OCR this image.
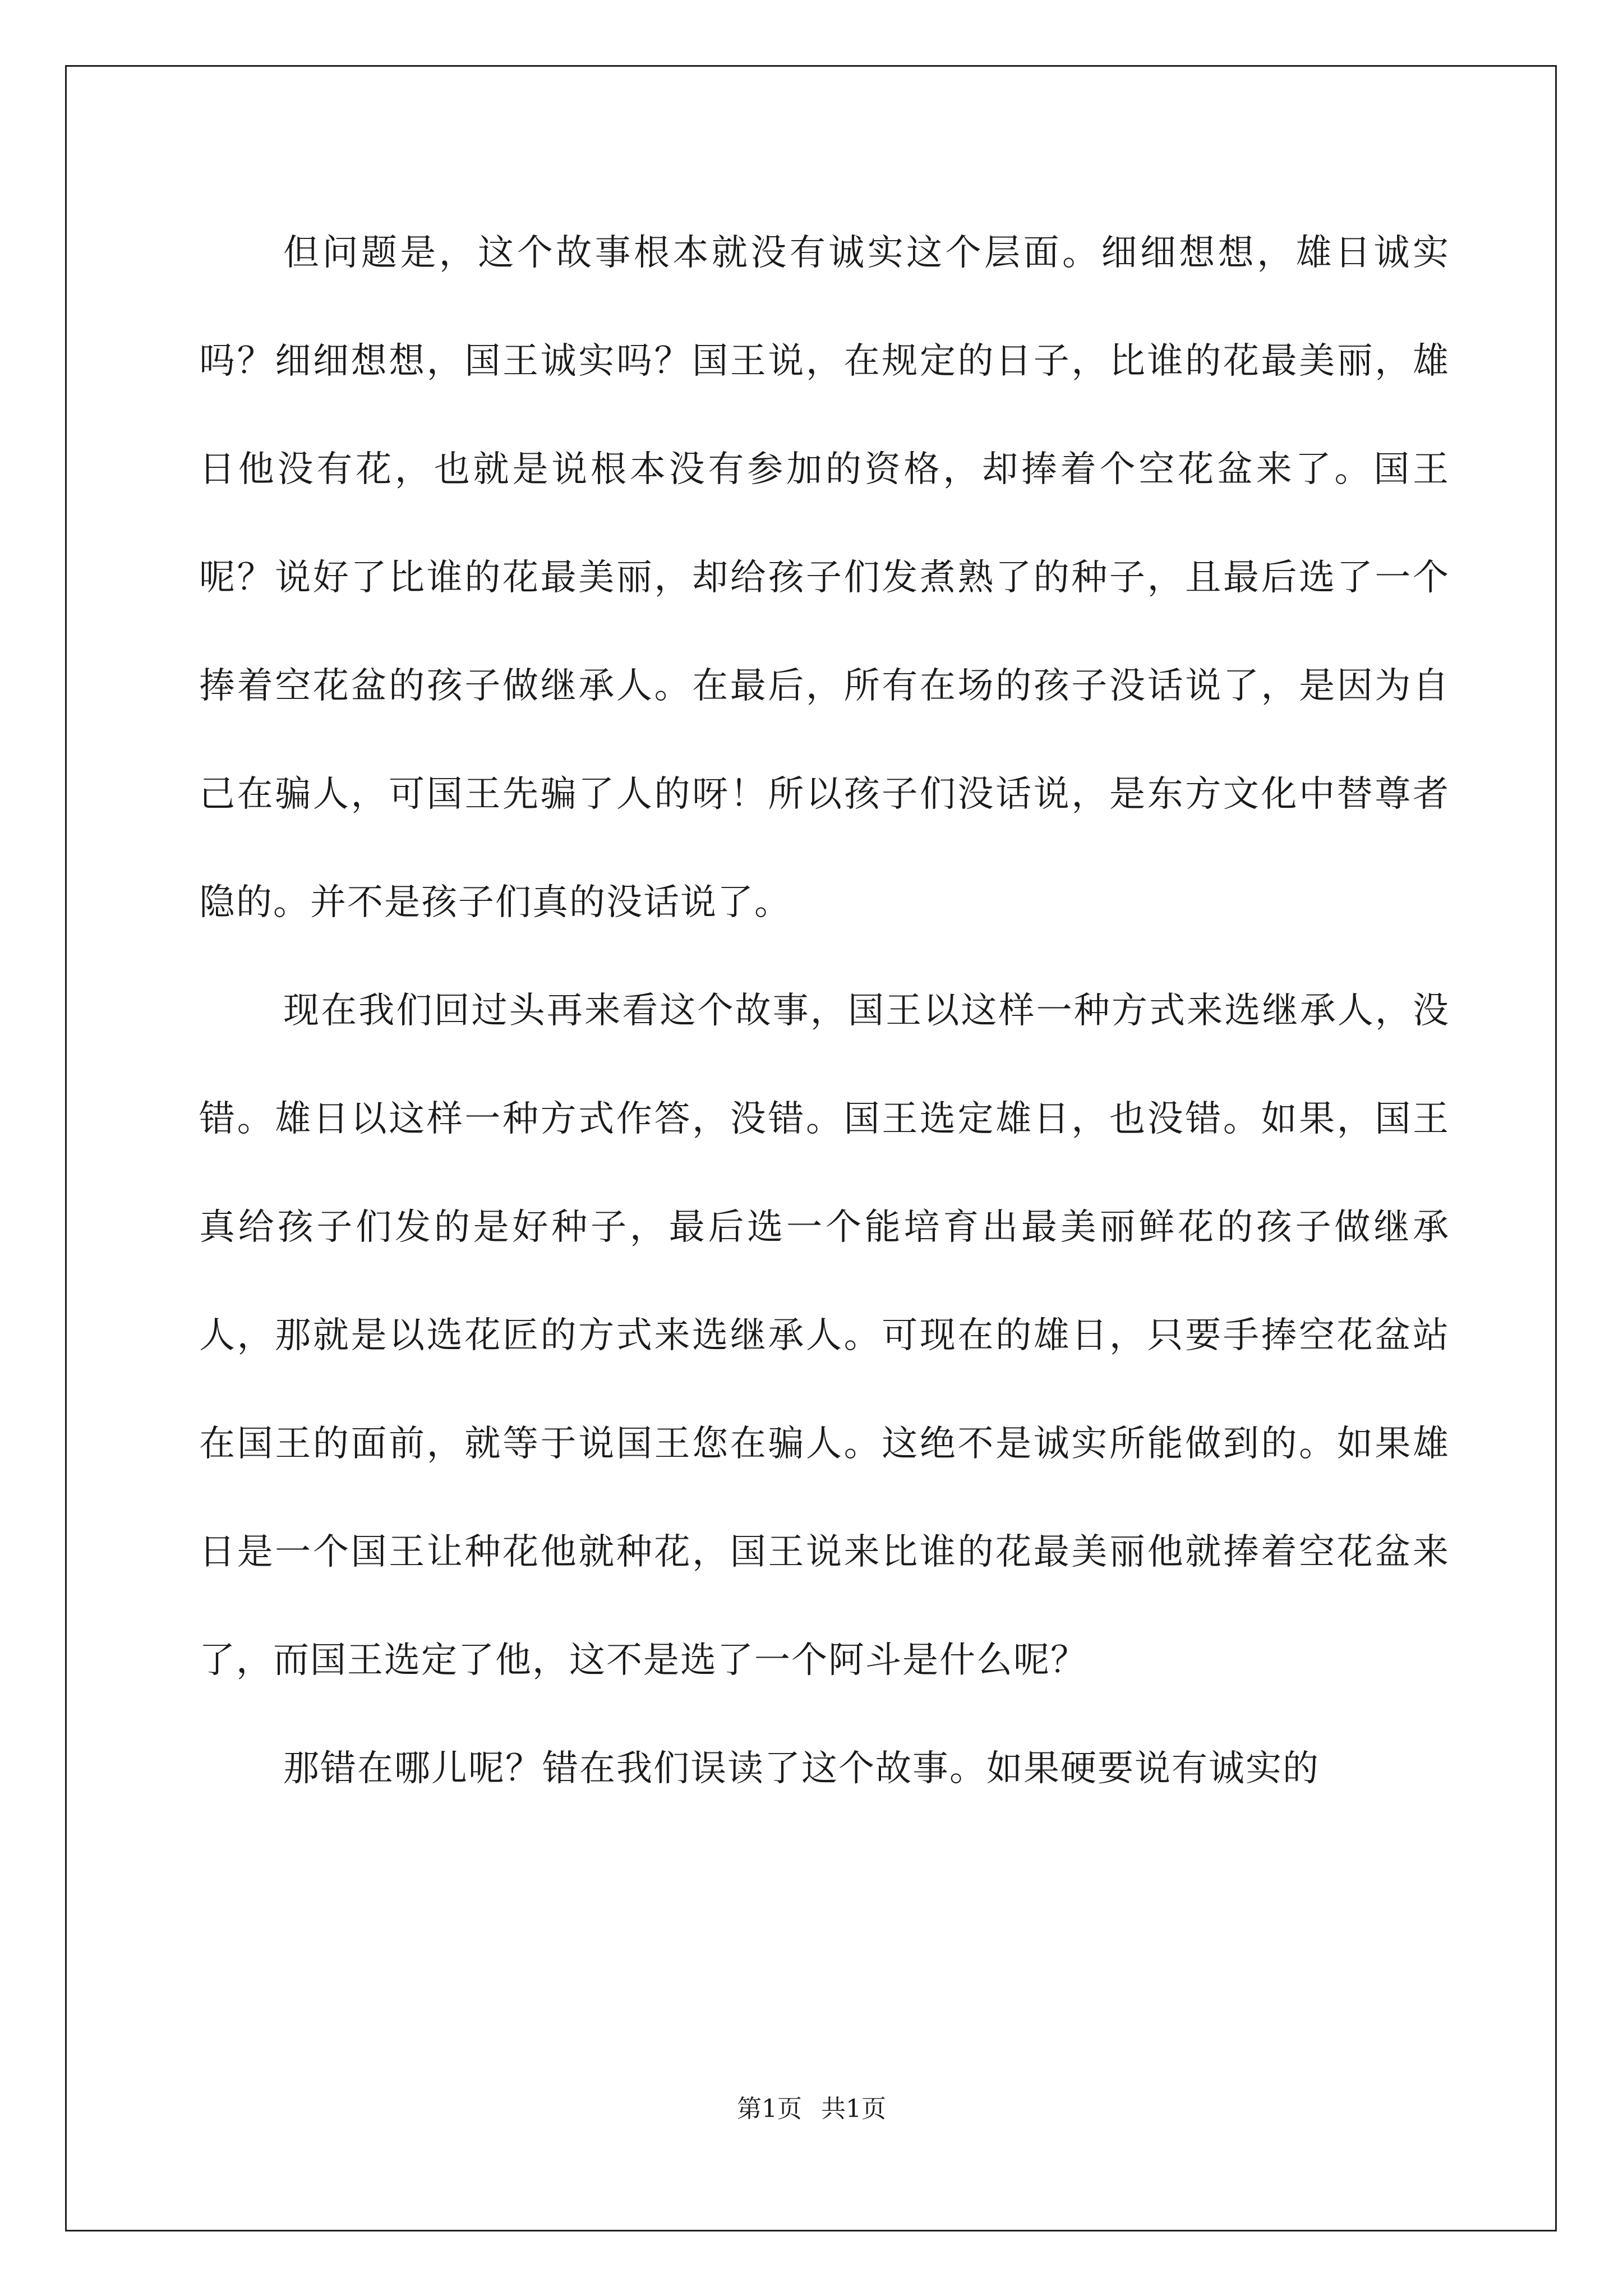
但问题是，这个故事根本就没有诚实这个层面。细细想想，雄日诚实吗？细细想想，国王诚实吗？国王说，在规定的日子，比谁的花最美丽，雄日他没有花，也就是说根本没有参加的资格，却捧着个空花盆来了。国王呢？说好了比谁的花最美丽，却给孩子们发煮熟了的种子，且最后选了一个捧着空花盆的孩子做继承人。在最后，所有在场的孩子没话说了，是因为自己在骗人，可国王先骗了人的呀！所以孩子们没话说，是东方文化中替尊者隐的。并不是孩子们真的没话说了。

现在我们回过头再来看这个故事，国王以这样一种方式来选继承人，没错。雄日以这样一种方式作答，没错。国王选定雄日，也没错。如果，国王真给孩子们发的是好种子，最后选一个能培育出最美丽鲜花的孩子做继承人，那就是以选花匠的方式来选继承人。可现在的雄日，只要手捧空花盆站在国王的面前，就等于说国王您在骗人。这绝不是诚实所能做到的。如果雄日是一个国王让种花他就种花，国王说来比谁的花最美丽他就捧着空花盆来了，而国王选定了他，这不是选了一个阿斗是什么呢？

那错在哪儿呢？错在我们误读了这个故事。如果硬要说有诚实的

第1页 共1页
